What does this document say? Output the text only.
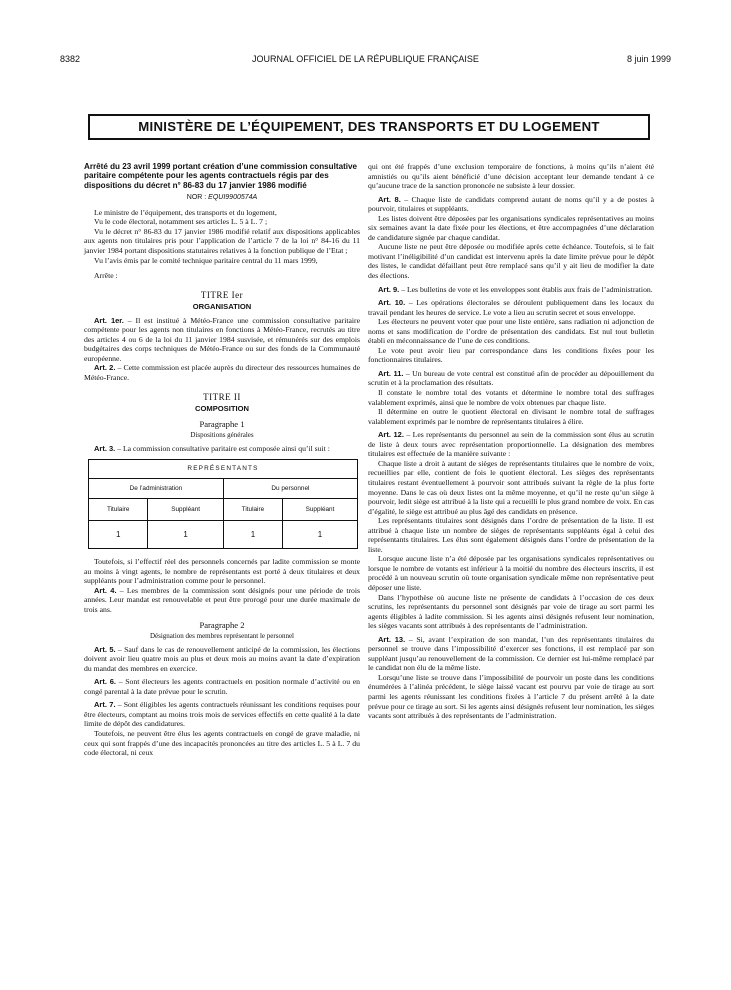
8382	JOURNAL OFFICIEL DE LA RÉPUBLIQUE FRANÇAISE	8 juin 1999
MINISTÈRE DE L’ÉQUIPEMENT, DES TRANSPORTS ET DU LOGEMENT
Arrêté du 23 avril 1999 portant création d’une commission consultative paritaire compétente pour les agents contractuels régis par des dispositions du décret n° 86-83 du 17 janvier 1986 modifié
NOR : EQUI9900574A

Le ministre de l’équipement, des transports et du logement,

Vu le code électoral, notamment ses articles L. 5 à L. 7 ;

Vu le décret n° 86-83 du 17 janvier 1986 modifié relatif aux dispositions applicables aux agents non titulaires pris pour l’application de l’article 7 de la loi n° 84-16 du 11 janvier 1984 portant dispositions statutaires relatives à la fonction publique de l’Etat ;

Vu l’avis émis par le comité technique paritaire central du 11 mars 1999,

Arrête :

TITRE Ier
ORGANISATION

Art. 1er. – Il est institué à Météo-France une commission consultative paritaire compétente pour les agents non titulaires en fonctions à Météo-France, recrutés au titre des articles 4 ou 6 de la loi du 11 janvier 1984 susvisée, et rémunérés sur des emplois budgétaires des corps techniques de Météo-France ou sur des fonds de la Communauté européenne.

Art. 2. – Cette commission est placée auprès du directeur des ressources humaines de Météo-France.

TITRE II
COMPOSITION
Paragraphe 1
Dispositions générales

Art. 3. – La commission consultative paritaire est composée ainsi qu’il suit :

REPRÉSENTANTS			
De l’administration		Du personnel	
Titulaire	Suppléant	Titulaire	Suppléant
1	1	1	1

Toutefois, si l’effectif réel des personnels concernés par ladite commission se monte au moins à vingt agents, le nombre de représentants est porté à deux titulaires et deux suppléants pour l’administration comme pour le personnel.

Art. 4. – Les membres de la commission sont désignés pour une période de trois années. Leur mandat est renouvelable et peut être prorogé pour une durée maximale de trois ans.

Paragraphe 2
Désignation des membres représentant le personnel

Art. 5. – Sauf dans le cas de renouvellement anticipé de la commission, les élections doivent avoir lieu quatre mois au plus et deux mois au moins avant la date d’expiration du mandat des membres en exercice.

Art. 6. – Sont électeurs les agents contractuels en position normale d’activité ou en congé parental à la date prévue pour le scrutin.

Art. 7. – Sont éligibles les agents contractuels réunissant les conditions requises pour être électeurs, comptant au moins trois mois de services effectifs en cette qualité à la date limite de dépôt des candidatures.

Toutefois, ne peuvent être élus les agents contractuels en congé de grave maladie, ni ceux qui sont frappés d’une des incapacités prononcées au titre des articles L. 5 à L. 7 du code électoral, ni ceux

qui ont été frappés d’une exclusion temporaire de fonctions, à moins qu’ils n’aient été amnistiés ou qu’ils aient bénéficié d’une décision acceptant leur demande tendant à ce qu’aucune trace de la sanction prononcée ne subsiste à leur dossier.

Art. 8. – Chaque liste de candidats comprend autant de noms qu’il y a de postes à pourvoir, titulaires et suppléants.

Les listes doivent être déposées par les organisations syndicales représentatives au moins six semaines avant la date fixée pour les élections, et être accompagnées d’une déclaration de candidature signée par chaque candidat.

Aucune liste ne peut être déposée ou modifiée après cette échéance. Toutefois, si le fait motivant l’inéligibilité d’un candidat est intervenu après la date limite prévue pour le dépôt des listes, le candidat défaillant peut être remplacé sans qu’il y ait lieu de modifier la date des élections.

Art. 9. – Les bulletins de vote et les enveloppes sont établis aux frais de l’administration.

Art. 10. – Les opérations électorales se déroulent publiquement dans les locaux du travail pendant les heures de service. Le vote a lieu au scrutin secret et sous enveloppe.

Les électeurs ne peuvent voter que pour une liste entière, sans radiation ni adjonction de noms et sans modification de l’ordre de présentation des candidats. Est nul tout bulletin établi en méconnaissance de l’une de ces conditions.

Le vote peut avoir lieu par correspondance dans les conditions fixées pour les fonctionnaires titulaires.

Art. 11. – Un bureau de vote central est constitué afin de procéder au dépouillement du scrutin et à la proclamation des résultats.

Il constate le nombre total des votants et détermine le nombre total des suffrages valablement exprimés, ainsi que le nombre de voix obtenues par chaque liste.

Il détermine en outre le quotient électoral en divisant le nombre total de suffrages valablement exprimés par le nombre de représentants titulaires à élire.

Art. 12. – Les représentants du personnel au sein de la commission sont élus au scrutin de liste à deux tours avec représentation proportionnelle. La désignation des membres titulaires est effectuée de la manière suivante :

Chaque liste a droit à autant de sièges de représentants titulaires que le nombre de voix, recueillies par elle, contient de fois le quotient électoral. Les sièges des représentants titulaires restant éventuellement à pourvoir sont attribués suivant la règle de la plus forte moyenne. Dans le cas où deux listes ont la même moyenne, et qu’il ne reste qu’un siège à pourvoir, ledit siège est attribué à la liste qui a recueilli le plus grand nombre de voix. En cas d’égalité, le siège est attribué au plus âgé des candidats en présence.

Les représentants titulaires sont désignés dans l’ordre de présentation de la liste. Il est attribué à chaque liste un nombre de sièges de représentants suppléants égal à celui des représentants titulaires. Les élus sont également désignés dans l’ordre de présentation de la liste.

Lorsque aucune liste n’a été déposée par les organisations syndicales représentatives ou lorsque le nombre de votants est inférieur à la moitié du nombre des électeurs inscrits, il est procédé à un nouveau scrutin où toute organisation syndicale même non représentative peut déposer une liste.

Dans l’hypothèse où aucune liste ne présente de candidats à l’occasion de ces deux scrutins, les représentants du personnel sont désignés par voie de tirage au sort parmi les agents éligibles à ladite commission. Si les agents ainsi désignés refusent leur nomination, les sièges vacants sont attribués à des représentants de l’administration.

Art. 13. – Si, avant l’expiration de son mandat, l’un des représentants titulaires du personnel se trouve dans l’impossibilité d’exercer ses fonctions, il est remplacé par son suppléant jusqu’au renouvellement de la commission. Ce dernier est lui-même remplacé par le candidat non élu de la même liste.

Lorsqu’une liste se trouve dans l’impossibilité de pourvoir un poste dans les conditions énumérées à l’alinéa précédent, le siège laissé vacant est pourvu par voie de tirage au sort parmi les agents réunissant les conditions fixées à l’article 7 du présent arrêté à la date prévue pour ce tirage au sort. Si les agents ainsi désignés refusent leur nomination, les sièges vacants sont attribués à des représentants de l’administration.
